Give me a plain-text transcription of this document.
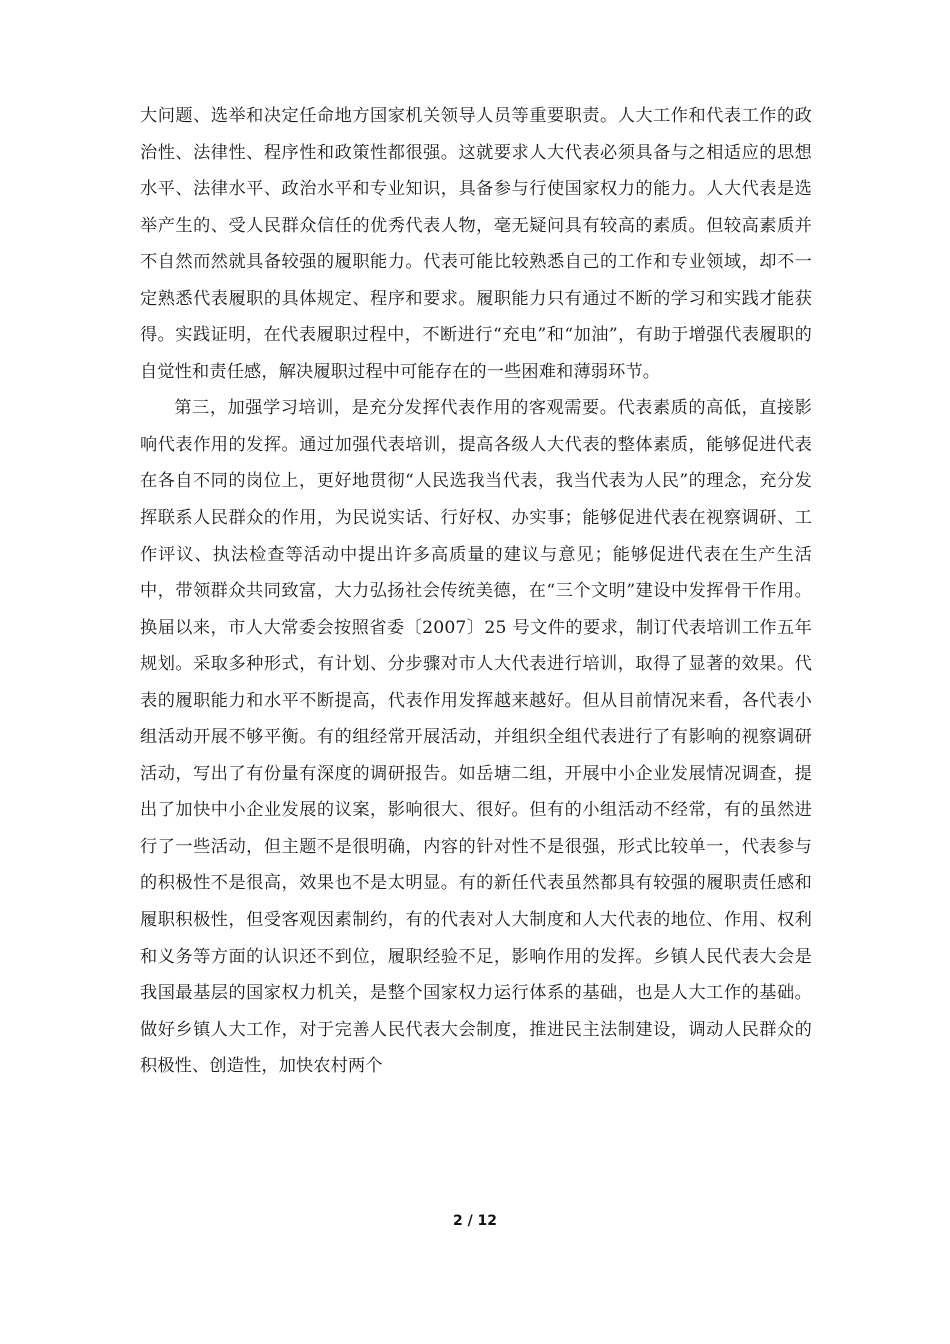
大问题、选举和决定任命地方国家机关领导人员等重要职责。人大工作和代表工作的政治性、法律性、程序性和政策性都很强。这就要求人大代表必须具备与之相适应的思想水平、法律水平、政治水平和专业知识，具备参与行使国家权力的能力。人大代表是选举产生的、受人民群众信任的优秀代表人物，毫无疑问具有较高的素质。但较高素质并不自然而然就具备较强的履职能力。代表可能比较熟悉自己的工作和专业领域，却不一定熟悉代表履职的具体规定、程序和要求。履职能力只有通过不断的学习和实践才能获得。实践证明，在代表履职过程中，不断进行“充电”和“加油”，有助于增强代表履职的自觉性和责任感，解决履职过程中可能存在的一些困难和薄弱环节。

第三，加强学习培训，是充分发挥代表作用的客观需要。代表素质的高低，直接影响代表作用的发挥。通过加强代表培训，提高各级人大代表的整体素质，能够促进代表在各自不同的岗位上，更好地贯彻“人民选我当代表，我当代表为人民”的理念，充分发挥联系人民群众的作用，为民说实话、行好权、办实事；能够促进代表在视察调研、工作评议、执法检查等活动中提出许多高质量的建议与意见；能够促进代表在生产生活中，带领群众共同致富，大力弘扬社会传统美德，在“三个文明”建设中发挥骨干作用。换届以来，市人大常委会按照省委〔2007〕25 号文件的要求，制订代表培训工作五年规划。采取多种形式，有计划、分步骤对市人大代表进行培训，取得了显著的效果。代表的履职能力和水平不断提高，代表作用发挥越来越好。但从目前情况来看，各代表小组活动开展不够平衡。有的组经常开展活动，并组织全组代表进行了有影响的视察调研活动，写出了有份量有深度的调研报告。如岳塘二组，开展中小企业发展情况调查，提出了加快中小企业发展的议案，影响很大、很好。但有的小组活动不经常，有的虽然进行了一些活动，但主题不是很明确，内容的针对性不是很强，形式比较单一，代表参与的积极性不是很高，效果也不是太明显。有的新任代表虽然都具有较强的履职责任感和履职积极性，但受客观因素制约，有的代表对人大制度和人大代表的地位、作用、权利和义务等方面的认识还不到位，履职经验不足，影响作用的发挥。乡镇人民代表大会是我国最基层的国家权力机关，是整个国家权力运行体系的基础，也是人大工作的基础。做好乡镇人大工作，对于完善人民代表大会制度，推进民主法制建设，调动人民群众的积极性、创造性，加快农村两个

2 / 12
